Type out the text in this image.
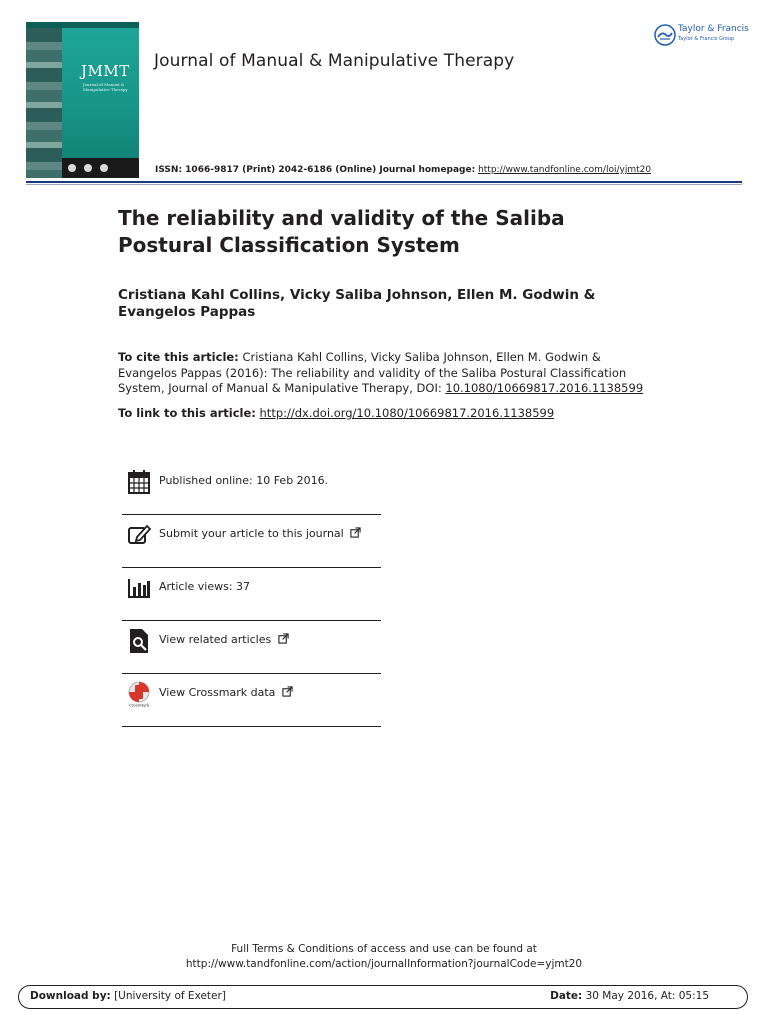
JMMT
Journal of Manual & Manipulative Therapy
Journal of Manual & Manipulative Therapy
ISSN: 1066-9817 (Print) 2042-6186 (Online) Journal homepage: http://www.tandfonline.com/loi/yjmt20
Taylor & Francis
Taylor & Francis Group
The reliability and validity of the Saliba Postural Classification System
Cristiana Kahl Collins, Vicky Saliba Johnson, Ellen M. Godwin & Evangelos Pappas
To cite this article: Cristiana Kahl Collins, Vicky Saliba Johnson, Ellen M. Godwin & Evangelos Pappas (2016): The reliability and validity of the Saliba Postural Classification System, Journal of Manual & Manipulative Therapy, DOI: 10.1080/10669817.2016.1138599
To link to this article: http://dx.doi.org/10.1080/10669817.2016.1138599
Published online: 10 Feb 2016.
Submit your article to this journal
Article views: 37
View related articles
CrossMark
View Crossmark data
Full Terms & Conditions of access and use can be found at
http://www.tandfonline.com/action/journalInformation?journalCode=yjmt20
Download by: [University of Exeter]	Date: 30 May 2016, At: 05:15
